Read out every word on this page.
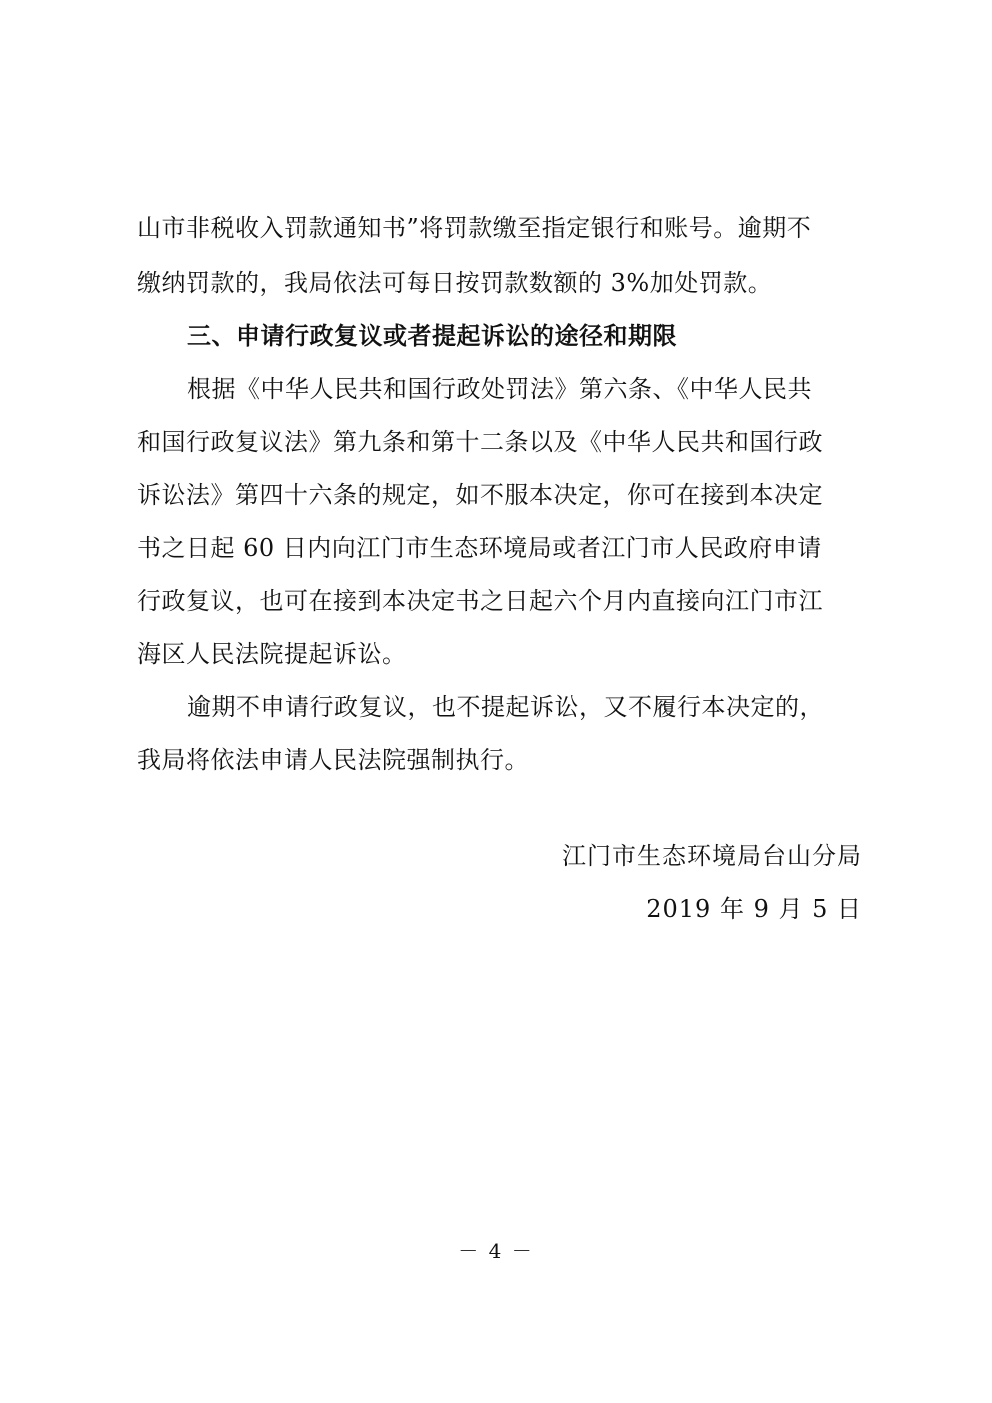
山市非税收入罚款通知书”将罚款缴至指定银行和账号。逾期不
缴纳罚款的，我局依法可每日按罚款数额的 3%加处罚款。
三、申请行政复议或者提起诉讼的途径和期限
根据《中华人民共和国行政处罚法》第六条、《中华人民共
和国行政复议法》第九条和第十二条以及《中华人民共和国行政
诉讼法》第四十六条的规定，如不服本决定，你可在接到本决定
书之日起 60 日内向江门市生态环境局或者江门市人民政府申请
行政复议，也可在接到本决定书之日起六个月内直接向江门市江
海区人民法院提起诉讼。
逾期不申请行政复议，也不提起诉讼，又不履行本决定的，
我局将依法申请人民法院强制执行。
江门市生态环境局台山分局
2019 年 9 月 5 日
－ 4 －
